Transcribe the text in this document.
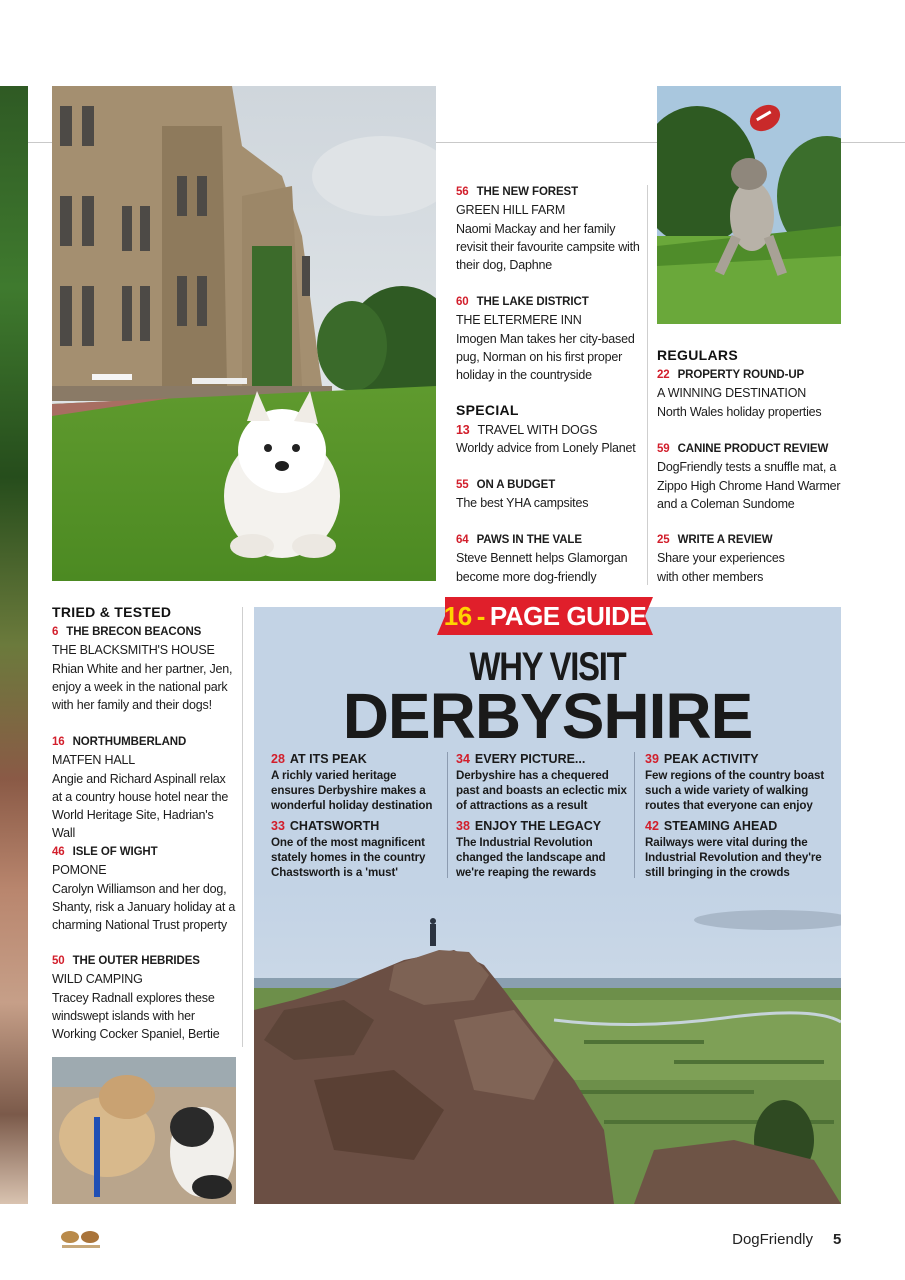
56 THE NEW FOREST
GREEN HILL FARM
Naomi Mackay and her family revisit their favourite campsite with their dog, Daphne
60 THE LAKE DISTRICT
THE ELTERMERE INN
Imogen Man takes her city-based pug, Norman on his first proper holiday in the countryside
SPECIAL
13 TRAVEL WITH DOGS
Worldy advice from Lonely Planet
55 ON A BUDGET
The best YHA campsites
64 PAWS IN THE VALE
Steve Bennett helps Glamorgan become more dog-friendly
REGULARS
22 PROPERTY ROUND-UP
A WINNING DESTINATION
North Wales holiday properties
59 CANINE PRODUCT REVIEW
DogFriendly tests a snuffle mat, a Zippo High Chrome Hand Warmer and a Coleman Sundome
25 WRITE A REVIEW
Share your experiences with other members
TRIED & TESTED
6 THE BRECON BEACONS
THE BLACKSMITH'S HOUSE
Rhian White and her partner, Jen, enjoy a week in the national park with her family and their dogs!
16 NORTHUMBERLAND
MATFEN HALL
Angie and Richard Aspinall relax at a country house hotel near the World Heritage Site, Hadrian's Wall
46 ISLE OF WIGHT
POMONE
Carolyn Williamson and her dog, Shanty, risk a January holiday at a charming National Trust property
50 THE OUTER HEBRIDES
WILD CAMPING
Tracey Radnall explores these windswept islands with her Working Cocker Spaniel, Bertie
16 - PAGE GUIDE
WHY VISIT
DERBYSHIRE
28 AT ITS PEAK
A richly varied heritage ensures Derbyshire makes a wonderful holiday destination
33 CHATSWORTH
One of the most magnificent stately homes in the country Chastsworth is a 'must'
34 EVERY PICTURE...
Derbyshire has a chequered past and boasts an eclectic mix of attractions as a result
38 ENJOY THE LEGACY
The Industrial Revolution changed the landscape and we're reaping the rewards
39 PEAK ACTIVITY
Few regions of the country boast such a wide variety of walking routes that everyone can enjoy
42 STEAMING AHEAD
Railways were vital during the Industrial Revolution and they're still bringing in the crowds
DogFriendly 5
